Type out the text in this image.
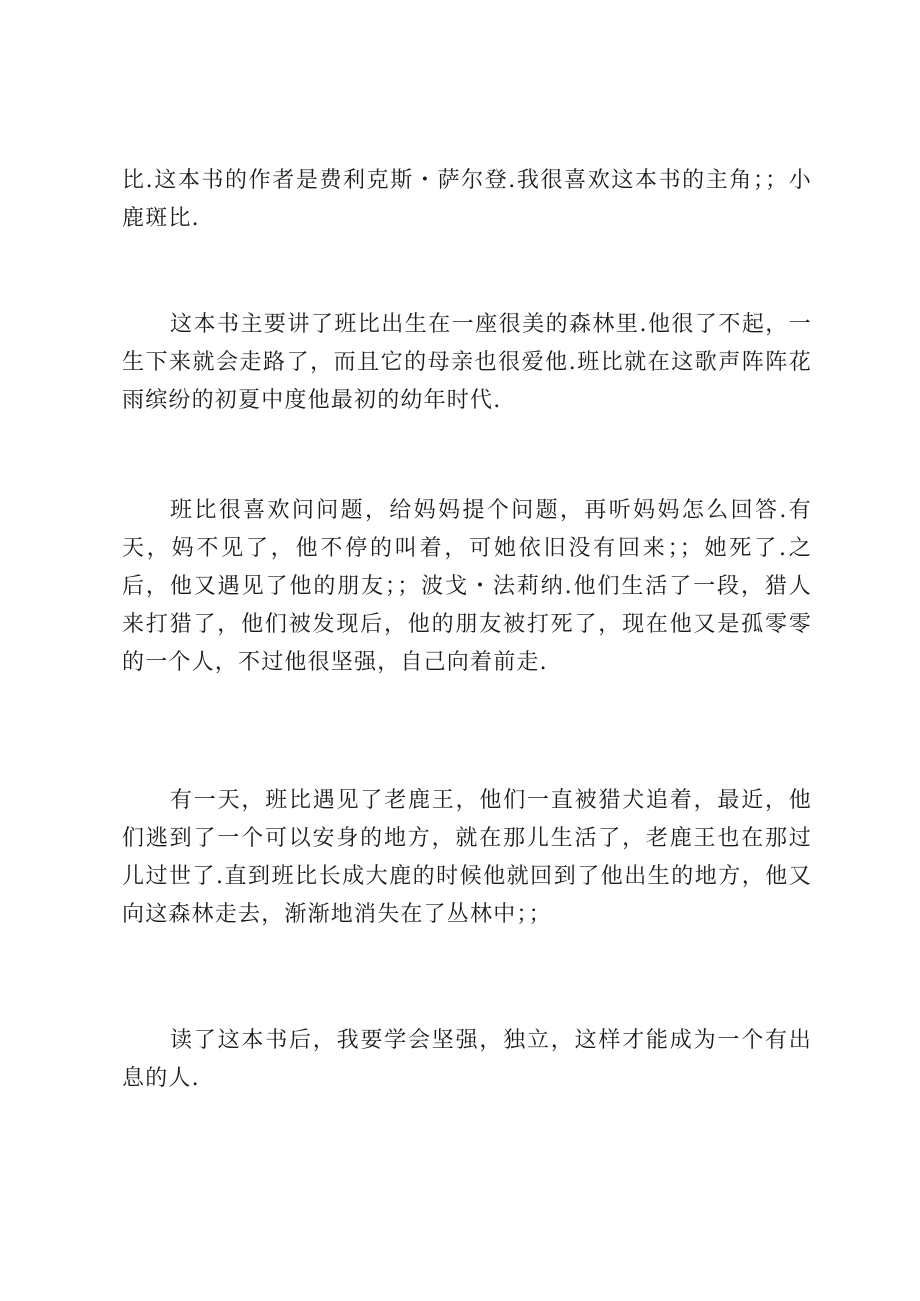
比.这本书的作者是费利克斯・萨尔登.我很喜欢这本书的主角；；小鹿斑比.

这本书主要讲了班比出生在一座很美的森林里.他很了不起，一生下来就会走路了，而且它的母亲也很爱他.班比就在这歌声阵阵花雨缤纷的初夏中度他最初的幼年时代.

班比很喜欢问问题，给妈妈提个问题，再听妈妈怎么回答.有天，妈不见了，他不停的叫着，可她依旧没有回来；；她死了.之后，他又遇见了他的朋友；；波戈・法莉纳.他们生活了一段，猎人来打猎了，他们被发现后，他的朋友被打死了，现在他又是孤零零的一个人，不过他很坚强，自己向着前走.

有一天，班比遇见了老鹿王，他们一直被猎犬追着，最近，他们逃到了一个可以安身的地方，就在那儿生活了，老鹿王也在那过儿过世了.直到班比长成大鹿的时候他就回到了他出生的地方，他又向这森林走去，渐渐地消失在了丛林中；；

读了这本书后，我要学会坚强，独立，这样才能成为一个有出息的人.
